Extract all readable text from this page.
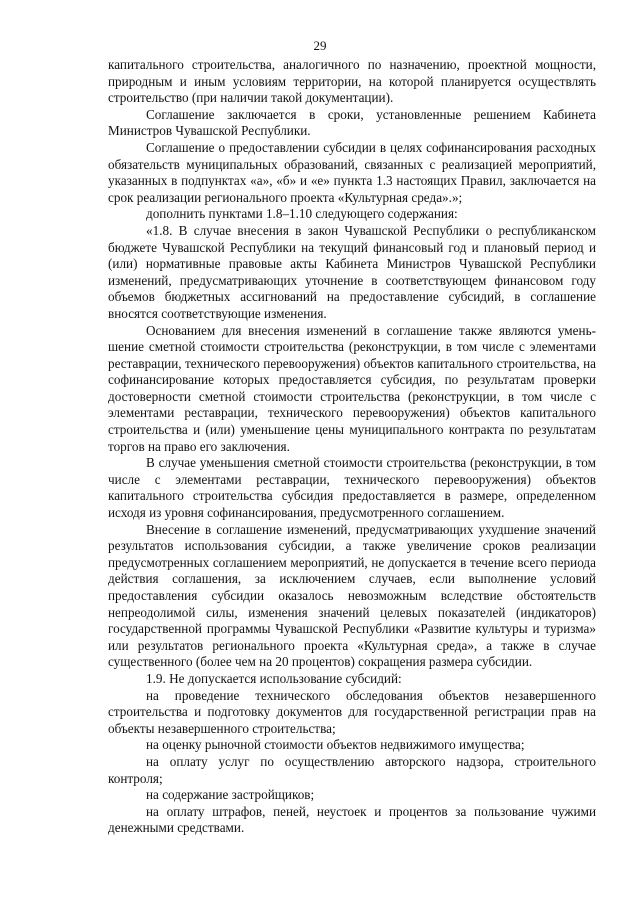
29

капитального строительства, аналогичного по назначению, проектной мощности, природным и иным условиям территории, на которой планируется осуществлять строительство (при наличии такой документации).

Соглашение заключается в сроки, установленные решением Кабинета Министров Чувашской Республики.

Соглашение о предоставлении субсидии в целях софинансирования расходных обязательств муниципальных образований, связанных с реализацией мероприятий, указанных в подпунктах «а», «б» и «е» пункта 1.3 настоящих Правил, заключается на срок реализации регионального проекта «Культурная среда».»;

дополнить пунктами 1.8–1.10 следующего содержания:

«1.8. В случае внесения в закон Чувашской Республики о республиканском бюджете Чувашской Республики на текущий финансовый год и плановый период и (или) нормативные правовые акты Кабинета Министров Чувашской Республики изменений, предусматривающих уточнение в соответствующем финансовом году объемов бюджетных ассигнований на предоставление субсидий, в соглашение вносятся соответствующие изменения.

Основанием для внесения изменений в соглашение также являются уменьшение сметной стоимости строительства (реконструкции, в том числе с элементами реставрации, технического перевооружения) объектов капитального строительства, на софинансирование которых предоставляется субсидия, по результатам проверки достоверности сметной стоимости строительства (реконструкции, в том числе с элементами реставрации, технического перевооружения) объектов капитального строительства и (или) уменьшение цены муниципального контракта по результатам торгов на право его заключения.

В случае уменьшения сметной стоимости строительства (реконструкции, в том числе с элементами реставрации, технического перевооружения) объектов капитального строительства субсидия предоставляется в размере, определенном исходя из уровня софинансирования, предусмотренного соглашением.

Внесение в соглашение изменений, предусматривающих ухудшение значений результатов использования субсидии, а также увеличение сроков реализации предусмотренных соглашением мероприятий, не допускается в течение всего периода действия соглашения, за исключением случаев, если выполнение условий предоставления субсидии оказалось невозможным вследствие обстоятельств непреодолимой силы, изменения значений целевых показателей (индикаторов) государственной программы Чувашской Республики «Развитие культуры и туризма» или результатов регионального проекта «Культурная среда», а также в случае существенного (более чем на 20 процентов) сокращения размера субсидии.

1.9. Не допускается использование субсидий:

на проведение технического обследования объектов незавершенного строительства и подготовку документов для государственной регистрации прав на объекты незавершенного строительства;

на оценку рыночной стоимости объектов недвижимого имущества;

на оплату услуг по осуществлению авторского надзора, строительного контроля;

на содержание застройщиков;

на оплату штрафов, пеней, неустоек и процентов за пользование чужими денежными средствами.
